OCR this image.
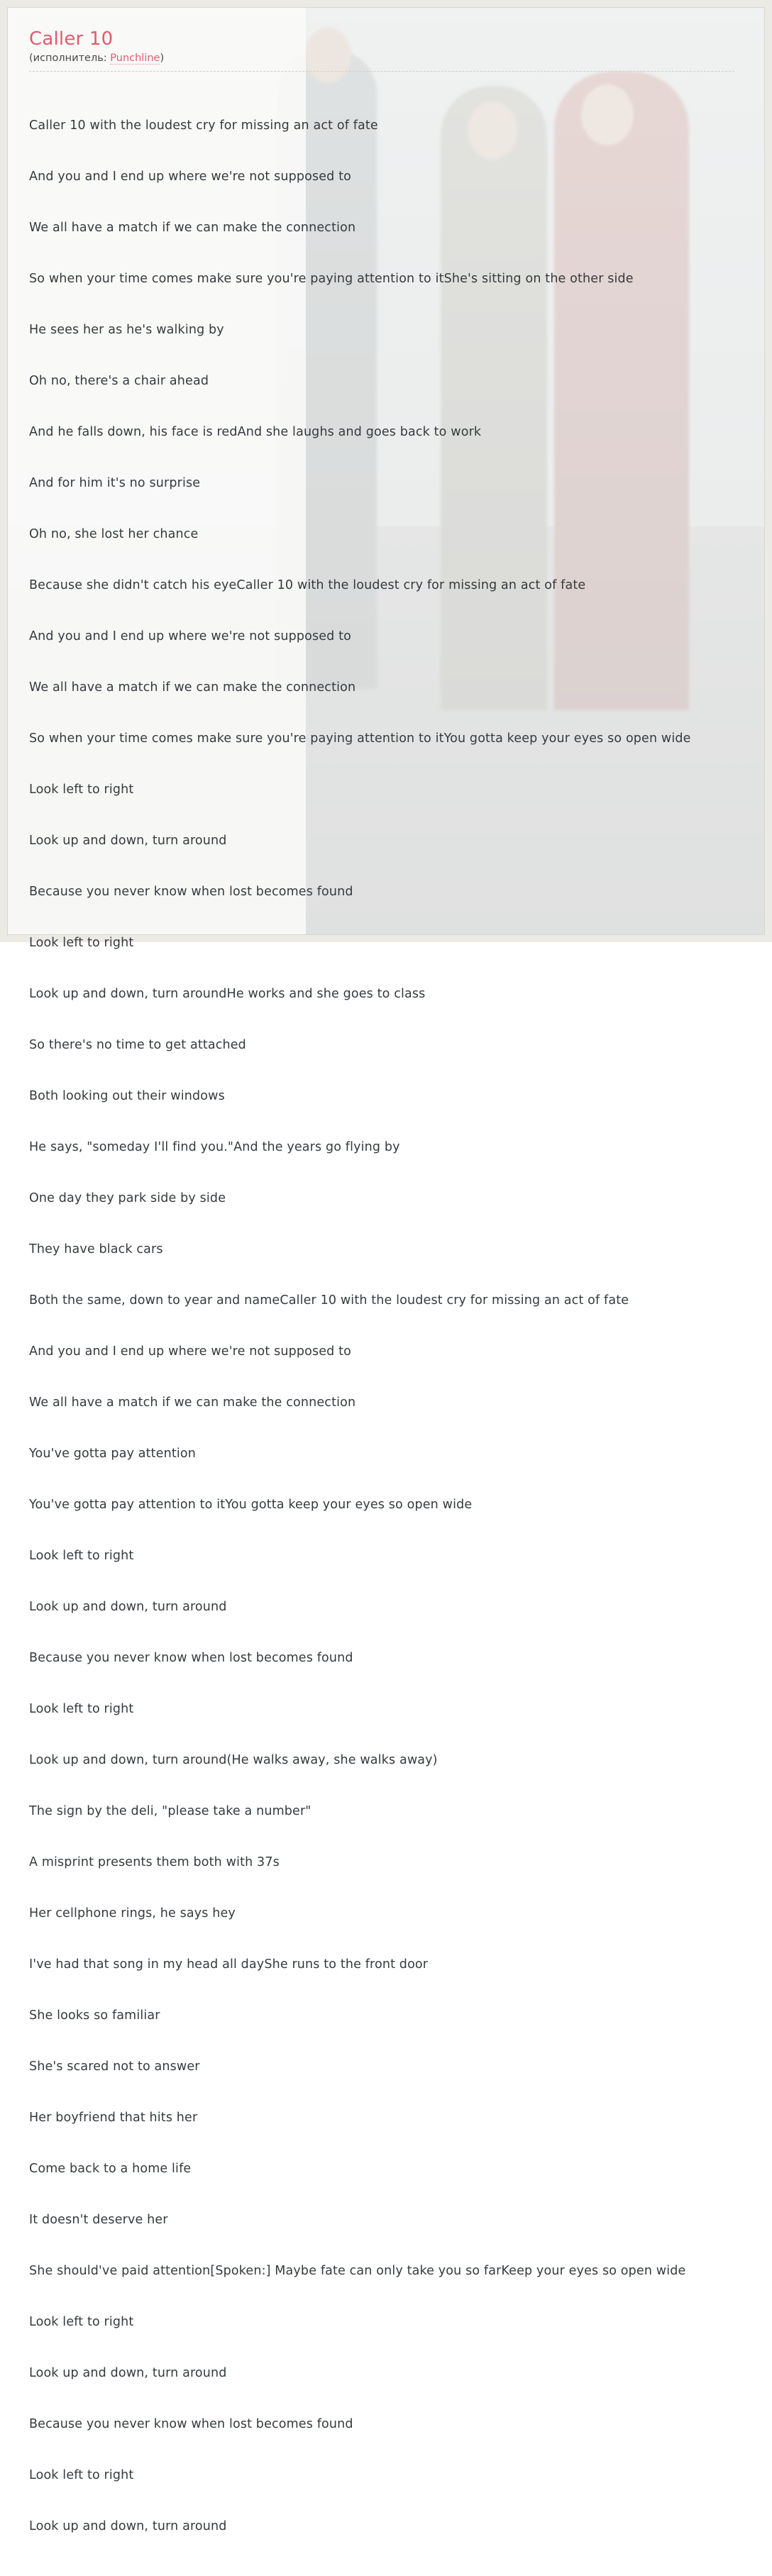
Caller 10
(исполнитель: Punchline)

Caller 10 with the loudest cry for missing an act of fate

And you and I end up where we're not supposed to

We all have a match if we can make the connection

So when your time comes make sure you're paying attention to itShe's sitting on the other side

He sees her as he's walking by

Oh no, there's a chair ahead

And he falls down, his face is redAnd she laughs and goes back to work

And for him it's no surprise

Oh no, she lost her chance

Because she didn't catch his eyeCaller 10 with the loudest cry for missing an act of fate

And you and I end up where we're not supposed to

We all have a match if we can make the connection

So when your time comes make sure you're paying attention to itYou gotta keep your eyes so open wide

Look left to right

Look up and down, turn around

Because you never know when lost becomes found

Look left to right

Look up and down, turn aroundHe works and she goes to class

So there's no time to get attached

Both looking out their windows

He says, "someday I'll find you."And the years go flying by

One day they park side by side

They have black cars

Both the same, down to year and nameCaller 10 with the loudest cry for missing an act of fate

And you and I end up where we're not supposed to

We all have a match if we can make the connection

You've gotta pay attention

You've gotta pay attention to itYou gotta keep your eyes so open wide

Look left to right

Look up and down, turn around

Because you never know when lost becomes found

Look left to right

Look up and down, turn around(He walks away, she walks away)

The sign by the deli, "please take a number"

A misprint presents them both with 37s

Her cellphone rings, he says hey

I've had that song in my head all dayShe runs to the front door

She looks so familiar

She's scared not to answer

Her boyfriend that hits her

Come back to a home life

It doesn't deserve her

She should've paid attention[Spoken:] Maybe fate can only take you so farKeep your eyes so open wide

Look left to right

Look up and down, turn around

Because you never know when lost becomes found

Look left to right

Look up and down, turn around
